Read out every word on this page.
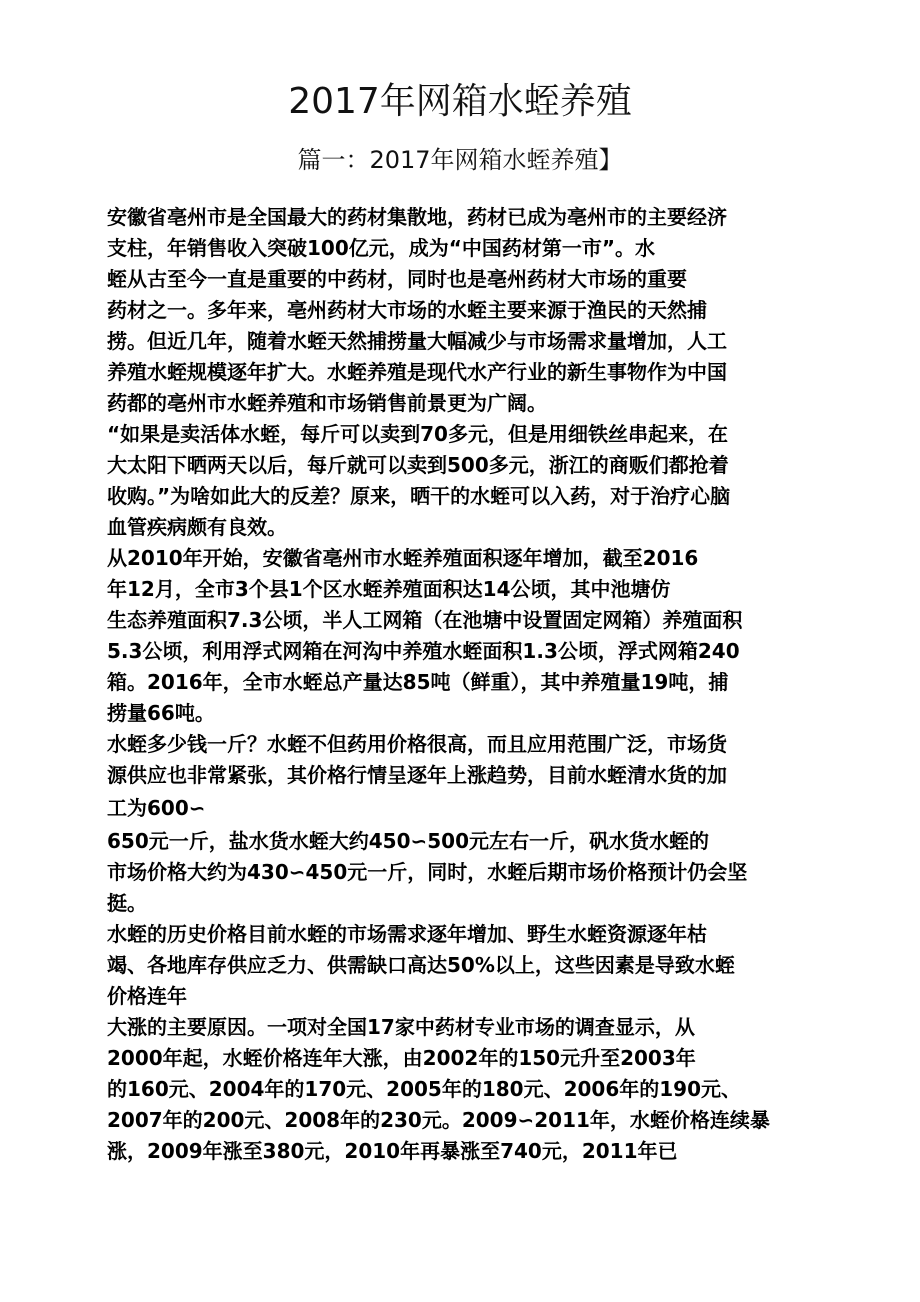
2017年网箱水蛭养殖
篇一：2017年网箱水蛭养殖】
安徽省亳州市是全国最大的药材集散地，药材已成为亳州市的主要经济
支柱，年销售收入突破100亿元，成为“中国药材第一市”。水
蛭从古至今一直是重要的中药材，同时也是亳州药材大市场的重要
药材之一。多年来，亳州药材大市场的水蛭主要来源于渔民的天然捕
捞。但近几年，随着水蛭天然捕捞量大幅减少与市场需求量增加，人工
养殖水蛭规模逐年扩大。水蛭养殖是现代水产行业的新生事物作为中国
药都的亳州市水蛭养殖和市场销售前景更为广阔。
“如果是卖活体水蛭，每斤可以卖到70多元，但是用细铁丝串起来，在
大太阳下晒两天以后，每斤就可以卖到500多元，浙江的商贩们都抢着
收购。”为啥如此大的反差？原来，晒干的水蛭可以入药，对于治疗心脑
血管疾病颇有良效。
从2010年开始，安徽省亳州市水蛭养殖面积逐年增加，截至2016
年12月，全市3个县1个区水蛭养殖面积达14公顷，其中池塘仿
生态养殖面积7.3公顷，半人工网箱（在池塘中设置固定网箱）养殖面积
5.3公顷，利用浮式网箱在河沟中养殖水蛭面积1.3公顷，浮式网箱240
箱。2016年，全市水蛭总产量达85吨（鲜重），其中养殖量19吨，捕
捞量66吨。
水蛭多少钱一斤？水蛭不但药用价格很高，而且应用范围广泛，市场货
源供应也非常紧张，其价格行情呈逐年上涨趋势，目前水蛭清水货的加
工为600∽
650元一斤，盐水货水蛭大约450∽500元左右一斤，矾水货水蛭的
市场价格大约为430∽450元一斤，同时，水蛭后期市场价格预计仍会坚
挺。
水蛭的历史价格目前水蛭的市场需求逐年增加、野生水蛭资源逐年枯
竭、各地库存供应乏力、供需缺口高达50%以上，这些因素是导致水蛭
价格连年
大涨的主要原因。一项对全国17家中药材专业市场的调查显示，从
2000年起，水蛭价格连年大涨，由2002年的150元升至2003年
的160元、2004年的170元、2005年的180元、2006年的190元、
2007年的200元、2008年的230元。2009∽2011年，水蛭价格连续暴
涨，2009年涨至380元，2010年再暴涨至740元，2011年已
